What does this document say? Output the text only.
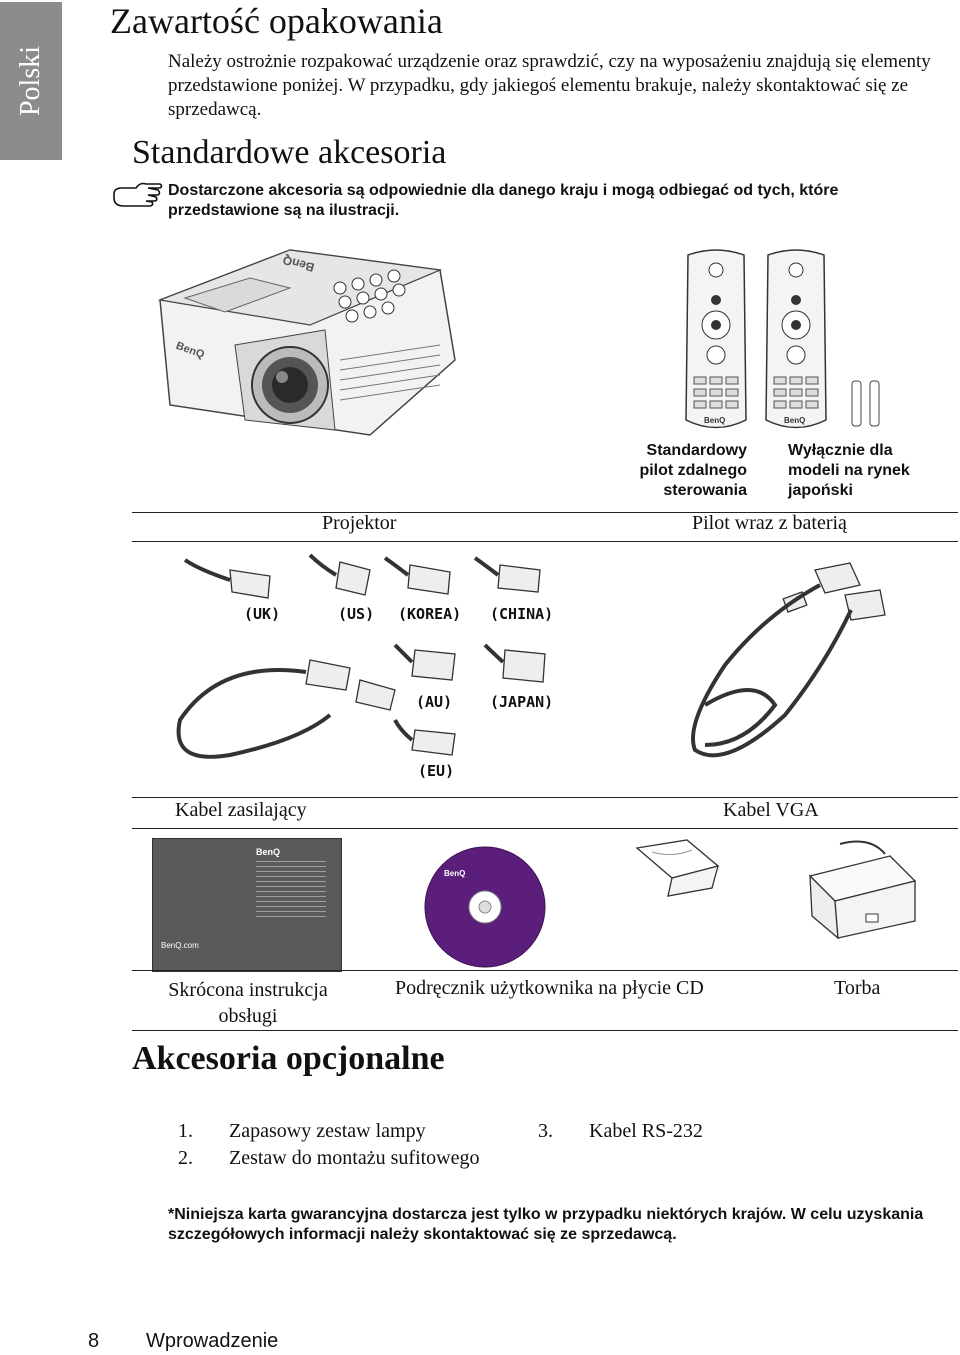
Polski
Zawartość opakowania

Należy ostrożnie rozpakować urządzenie oraz sprawdzić, czy na wyposażeniu znajdują się elementy przedstawione poniżej. W przypadku, gdy jakiegoś elementu brakuje, należy skontaktować się ze sprzedawcą.

Standardowe akcesoria

Dostarczone akcesoria są odpowiednie dla danego kraju i mogą odbiegać od tych, które przedstawione są na ilustracji.

BenQ
BenQ
BenQ	BenQ
Standardowy pilot zdalnego sterowania
Wyłącznie dla modeli na rynek japoński
Projektor	Pilot wraz z baterią
(UK)	(US) (KOREA) (CHINA)
(AU)	(JAPAN)
(EU)
Kabel zasilający	Kabel VGA
BenQ
BenQ.com
BenQ
Skrócona instrukcja
obsługi
Podręcznik użytkownika na płycie CD	Torba
Akcesoria opcjonalne
1. Zapasowy zestaw lampy
2. Zestaw do montażu sufitowego
3. Kabel RS-232

*Niniejsza karta gwarancyjna dostarcza jest tylko w przypadku niektórych krajów. W celu uzyskania szczegółowych informacji należy skontaktować się ze sprzedawcą.

8 Wprowadzenie
